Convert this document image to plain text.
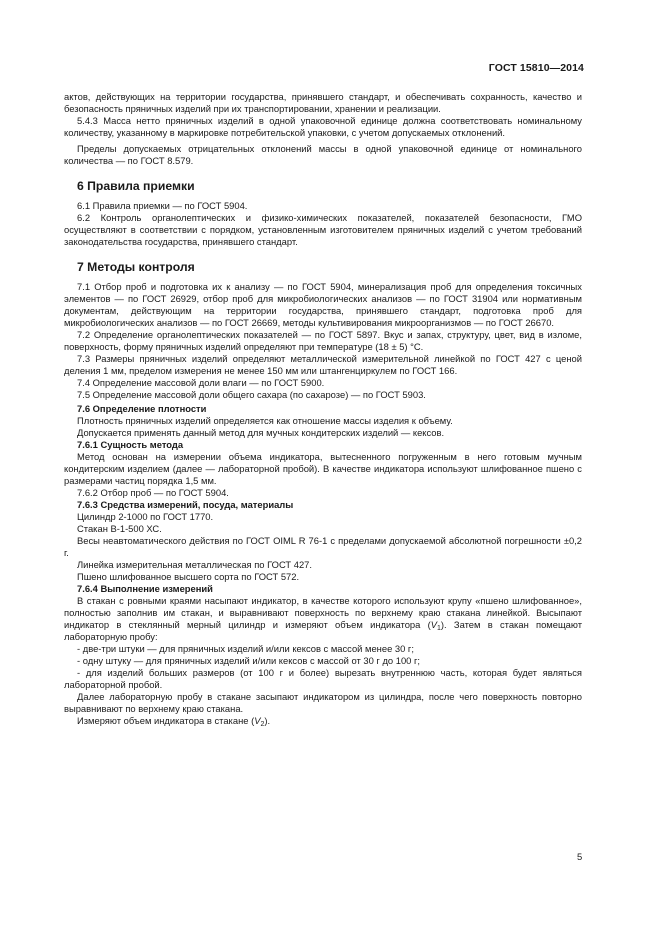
ГОСТ 15810—2014

актов, действующих на территории государства, принявшего стандарт, и обеспечивать сохранность, качество и безопасность пряничных изделий при их транспортировании, хранении и реализации.

5.4.3 Масса нетто пряничных изделий в одной упаковочной единице должна соответствовать номинальному количеству, указанному в маркировке потребительской упаковки, с учетом допускаемых отклонений.

Пределы допускаемых отрицательных отклонений массы в одной упаковочной единице от номинального количества — по ГОСТ 8.579.

6 Правила приемки

6.1 Правила приемки — по ГОСТ 5904.

6.2 Контроль органолептических и физико-химических показателей, показателей безопасности, ГМО осуществляют в соответствии с порядком, установленным изготовителем пряничных изделий с учетом требований законодательства государства, принявшего стандарт.

7 Методы контроля

7.1 Отбор проб и подготовка их к анализу — по ГОСТ 5904, минерализация проб для определения токсичных элементов — по ГОСТ 26929, отбор проб для микробиологических анализов — по ГОСТ 31904 или нормативным документам, действующим на территории государства, принявшего стандарт, подготовка проб для микробиологических анализов — по ГОСТ 26669, методы культивирования микроорганизмов — по ГОСТ 26670.

7.2 Определение органолептических показателей — по ГОСТ 5897. Вкус и запах, структуру, цвет, вид в изломе, поверхность, форму пряничных изделий определяют при температуре (18 ± 5) °С.

7.3 Размеры пряничных изделий определяют металлической измерительной линейкой по ГОСТ 427 с ценой деления 1 мм, пределом измерения не менее 150 мм или штангенциркулем по ГОСТ 166.

7.4 Определение массовой доли влаги — по ГОСТ 5900.

7.5 Определение массовой доли общего сахара (по сахарозе) — по ГОСТ 5903.

7.6 Определение плотности

Плотность пряничных изделий определяется как отношение массы изделия к объему.

Допускается применять данный метод для мучных кондитерских изделий — кексов.

7.6.1 Сущность метода

Метод основан на измерении объема индикатора, вытесненного погруженным в него готовым мучным кондитерским изделием (далее — лабораторной пробой). В качестве индикатора используют шлифованное пшено с размерами частиц порядка 1,5 мм.

7.6.2 Отбор проб — по ГОСТ 5904.

7.6.3 Средства измерений, посуда, материалы

Цилиндр 2-1000 по ГОСТ 1770.

Стакан В-1-500 ХС.

Весы неавтоматического действия по ГОСТ OIML R 76-1 с пределами допускаемой абсолютной погрешности ±0,2 г.

Линейка измерительная металлическая по ГОСТ 427.

Пшено шлифованное высшего сорта по ГОСТ 572.

7.6.4 Выполнение измерений

В стакан с ровными краями насыпают индикатор, в качестве которого используют крупу «пшено шлифованное», полностью заполнив им стакан, и выравнивают поверхность по верхнему краю стакана линейкой. Высыпают индикатор в стеклянный мерный цилиндр и измеряют объем индикатора $(V_1)$. Затем в стакан помещают лабораторную пробу:

- две-три штуки — для пряничных изделий и/или кексов с массой менее 30 г;

- одну штуку — для пряничных изделий и/или кексов с массой от 30 г до 100 г;

- для изделий больших размеров (от 100 г и более) вырезать внутреннюю часть, которая будет являться лабораторной пробой.

Далее лабораторную пробу в стакане засыпают индикатором из цилиндра, после чего поверхность повторно выравнивают по верхнему краю стакана.

Измеряют объем индикатора в стакане $(V_2)$.

5
